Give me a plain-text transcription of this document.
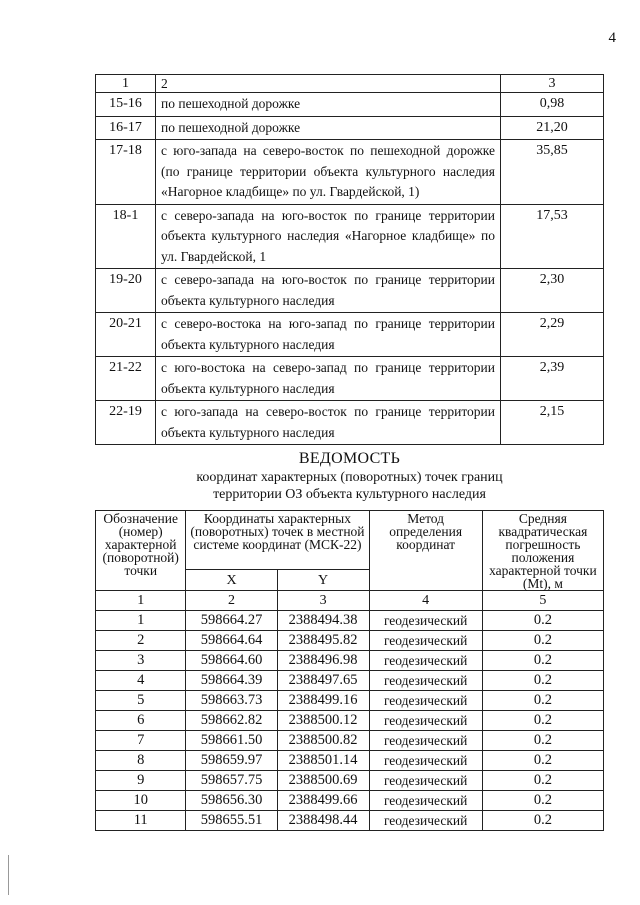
4
1	2	3
15-16	по пешеходной дорожке	0,98
16-17	по пешеходной дорожке	21,20
17-18	с юго-запада на северо-восток по пешеходной дорожке (по границе территории объекта культурного наследия «Нагорное кладбище» по ул. Гвардейской, 1)	35,85
18-1	с северо-запада на юго-восток по границе территории объекта культурного наследия «Нагорное кладбище» по ул. Гвардейской, 1	17,53
19-20	с северо-запада на юго-восток по границе территории объекта культурного наследия	2,30
20-21	с северо-востока на юго-запад по границе территории объекта культурного наследия	2,29
21-22	с юго-востока на северо-запад по границе территории объекта культурного наследия	2,39
22-19	с юго-запада на северо-восток по границе территории объекта культурного наследия	2,15
ВЕДОМОСТЬ
координат характерных (поворотных) точек границ
территории ОЗ объекта культурного наследия
Обозначение (номер) характерной (поворотной) точки	Координаты характерных (поворотных) точек в местной системе координат (МСК-22)		Метод определения координат	Средняя квадратическая погрешность положения характерной точки (Mt), м
	X	Y		
1	2	3	4	5
1	598664.27	2388494.38	геодезический	0.2
2	598664.64	2388495.82	геодезический	0.2
3	598664.60	2388496.98	геодезический	0.2
4	598664.39	2388497.65	геодезический	0.2
5	598663.73	2388499.16	геодезический	0.2
6	598662.82	2388500.12	геодезический	0.2
7	598661.50	2388500.82	геодезический	0.2
8	598659.97	2388501.14	геодезический	0.2
9	598657.75	2388500.69	геодезический	0.2
10	598656.30	2388499.66	геодезический	0.2
11	598655.51	2388498.44	геодезический	0.2
